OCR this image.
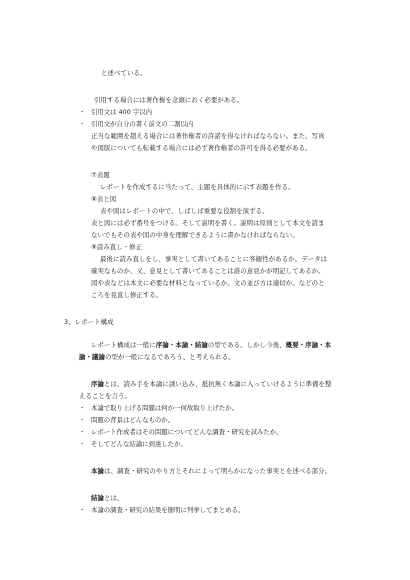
と述べている。
引用する場合には著作権を念頭におく必要がある。
・ 引用文は 400 字以内
・ 引用文が自分の書く前文の二割以内
正当な範囲を超える場合には著作権者の許諾を得なければならない。また、写真
や図版についても転載する場合には必ず著作権者の許可を得る必要がある。
⑦表題
レポートを作成するに当たって、主題を具体的に示す表題を作る。
⑧表と図
表や図はレポートの中で、しばしば重要な役割を演ずる。
表と図には必ず番号をつける。そして説明を書く。説明は原則として本文を読ま
ないでもその表や図の中身を理解できるように書かなければならない。
⑨読み直し・修正
最後に読み直しをし、事実として書いてあることに客観性があるか。データは
確実なものか、又、意見として書いてあることは誰の意見かが明記してあるか。
図や表などは本文に必要な材料となっているか。文の並び方は適切か。などのと
ころを見直し修正する。
3、レポート構成
レポート構成は一般に序論・本論・結論の型である。しかし今後、概要・序論・本
論・議論の型が一般になるであろう、と考えられる。
序論とは、読み手を本論に誘い込み、抵抗無く本論に入っていけるように準備を整
えることを言う。
・ 本論で取り上げる問題は何か一何故取り上げたか。
・ 問題の背景はどんなものか。
・ レポート作成者はその問題についてどんな調査・研究を試みたか。
・ そしてどんな結論に到達したか。
本論は、調査・研究のやり方とそれによって明らかになった事実とを述べる部分。
結論とは、
・ 本論の調査・研究の結果を簡明に列挙してまとめる。
